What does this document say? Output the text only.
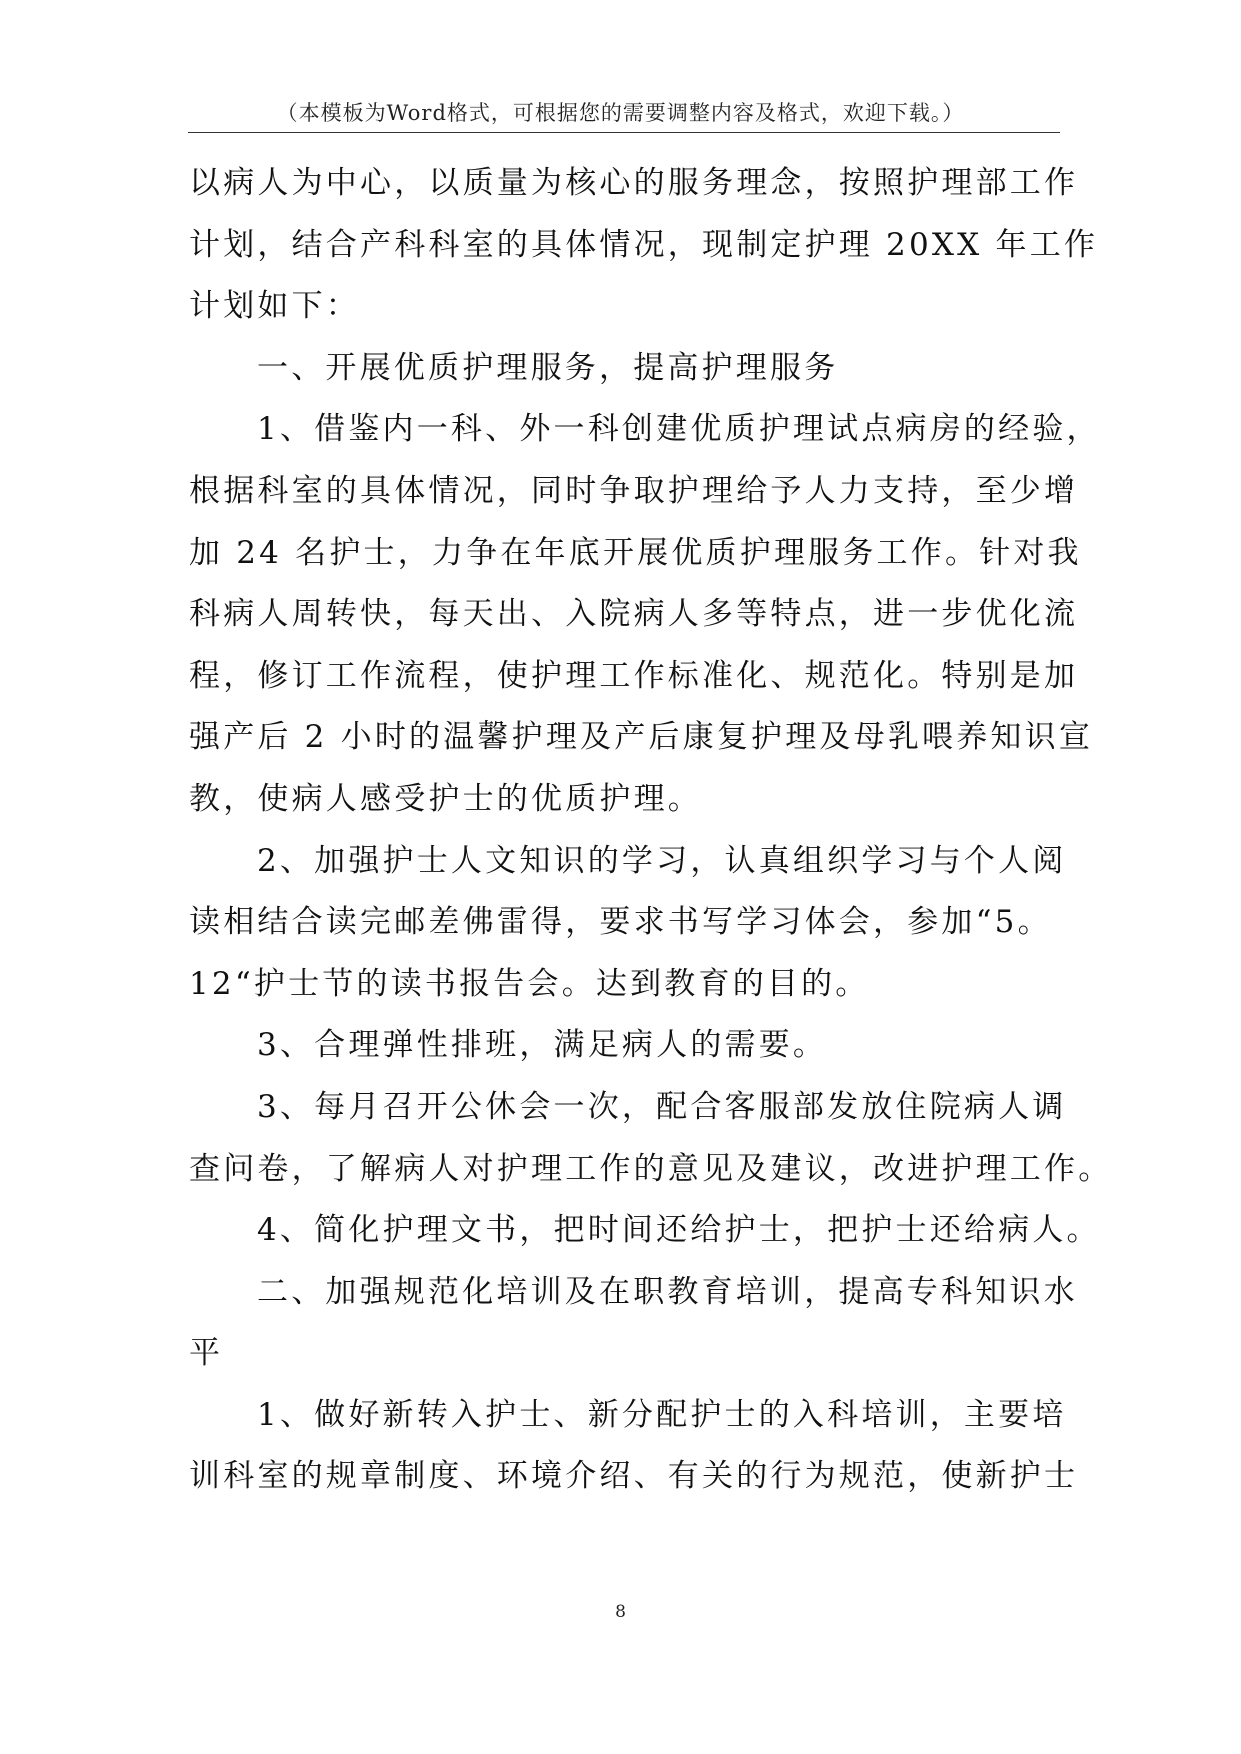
（本模板为Word格式，可根据您的需要调整内容及格式，欢迎下载。）
以病人为中心，以质量为核心的服务理念，按照护理部工作
计划，结合产科科室的具体情况，现制定护理 20XX 年工作
计划如下：
一、开展优质护理服务，提高护理服务
1、借鉴内一科、外一科创建优质护理试点病房的经验，
根据科室的具体情况，同时争取护理给予人力支持，至少增
加 24 名护士，力争在年底开展优质护理服务工作。针对我
科病人周转快，每天出、入院病人多等特点，进一步优化流
程，修订工作流程，使护理工作标准化、规范化。特别是加
强产后 2 小时的温馨护理及产后康复护理及母乳喂养知识宣
教，使病人感受护士的优质护理。
2、加强护士人文知识的学习，认真组织学习与个人阅
读相结合读完邮差佛雷得，要求书写学习体会，参加“5。
12“护士节的读书报告会。达到教育的目的。
3、合理弹性排班，满足病人的需要。
3、每月召开公休会一次，配合客服部发放住院病人调
查问卷，了解病人对护理工作的意见及建议，改进护理工作。
4、简化护理文书，把时间还给护士，把护士还给病人。
二、加强规范化培训及在职教育培训，提高专科知识水
平
1、做好新转入护士、新分配护士的入科培训，主要培
训科室的规章制度、环境介绍、有关的行为规范，使新护士
8
